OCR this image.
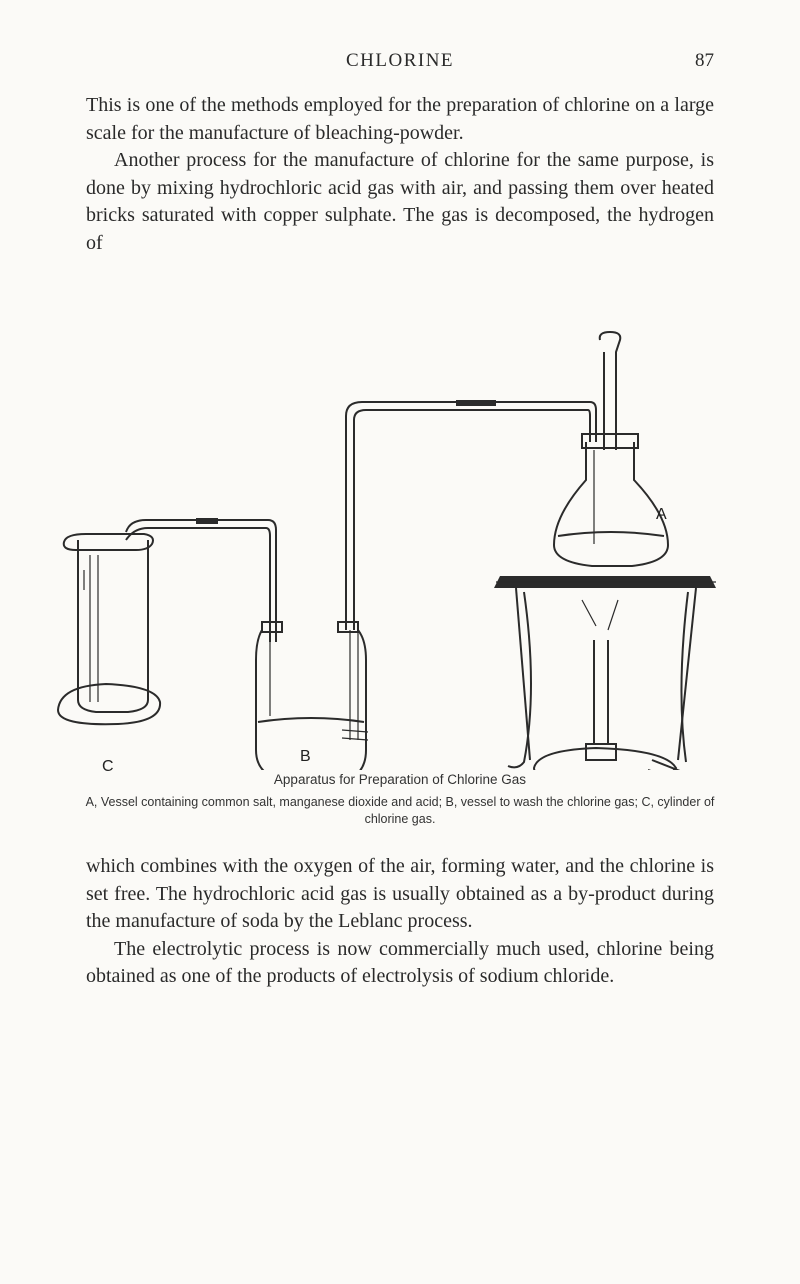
CHLORINE	87

This is one of the methods employed for the preparation of chlorine on a large scale for the manufacture of bleaching-powder.

Another process for the manufacture of chlorine for the same purpose, is done by mixing hydrochloric acid gas with air, and passing them over heated bricks saturated with copper sulphate. The gas is decomposed, the hydrogen of

A
B
C
Apparatus for Preparation of Chlorine Gas
A, Vessel containing common salt, manganese dioxide and acid; B, vessel to wash the chlorine gas; C, cylinder of chlorine gas.

which combines with the oxygen of the air, forming water, and the chlorine is set free. The hydrochloric acid gas is usually obtained as a by-product during the manufacture of soda by the Leblanc process.

The electrolytic process is now commercially much used, chlorine being obtained as one of the products of electrolysis of sodium chloride.
